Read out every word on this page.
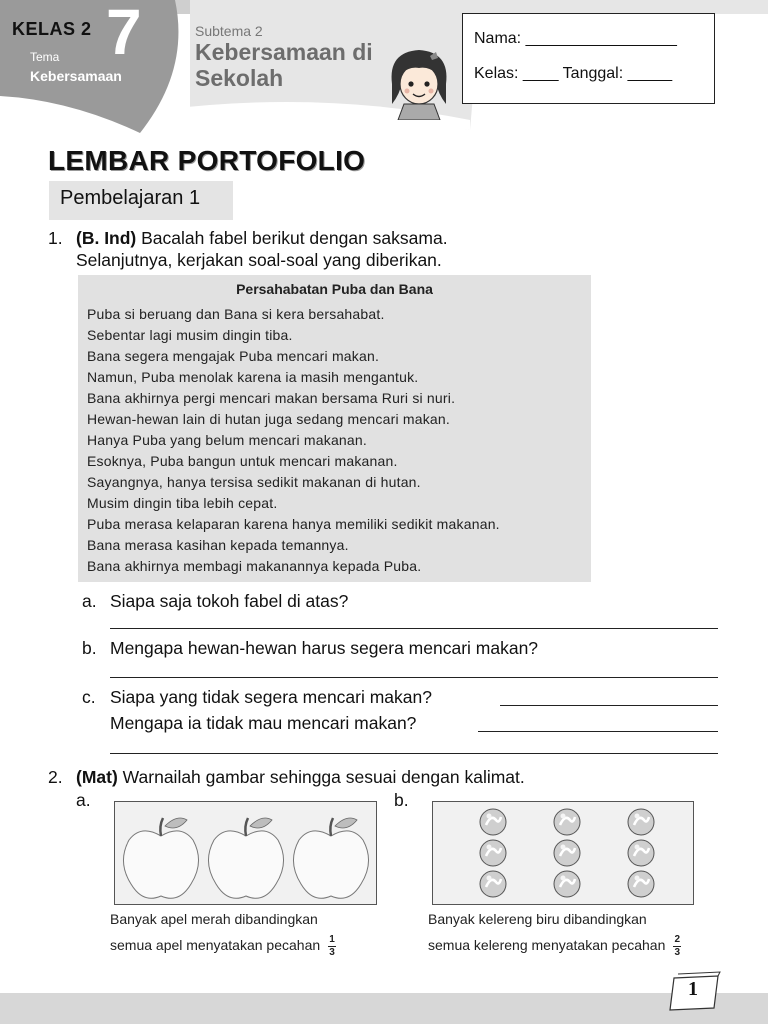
KELAS 2 7
Tema
Kebersamaan
Subtema 2
Kebersamaan di Sekolah
Nama: _________________
Kelas: ____ Tanggal: _____
LEMBAR PORTOFOLIO
Pembelajaran 1
1. (B. Ind) Bacalah fabel berikut dengan saksama.
Selanjutnya, kerjakan soal-soal yang diberikan.
Persahabatan Puba dan Bana
Puba si beruang dan Bana si kera bersahabat.
Sebentar lagi musim dingin tiba.
Bana segera mengajak Puba mencari makan.
Namun, Puba menolak karena ia masih mengantuk.
Bana akhirnya pergi mencari makan bersama Ruri si nuri.
Hewan-hewan lain di hutan juga sedang mencari makan.
Hanya Puba yang belum mencari makanan.
Esoknya, Puba bangun untuk mencari makanan.
Sayangnya, hanya tersisa sedikit makanan di hutan.
Musim dingin tiba lebih cepat.
Puba merasa kelaparan karena hanya memiliki sedikit makanan.
Bana merasa kasihan kepada temannya.
Bana akhirnya membagi makanannya kepada Puba.
a. Siapa saja tokoh fabel di atas?
b. Mengapa hewan-hewan harus segera mencari makan?
c. Siapa yang tidak segera mencari makan?
Mengapa ia tidak mau mencari makan?
2. (Mat) Warnailah gambar sehingga sesuai dengan kalimat.
a.	b.
Banyak apel merah dibandingkan
semua apel menyatakan pecahan $\frac{1}{3}$
Banyak kelereng biru dibandingkan
semua kelereng menyatakan pecahan $\frac{2}{3}$
1
